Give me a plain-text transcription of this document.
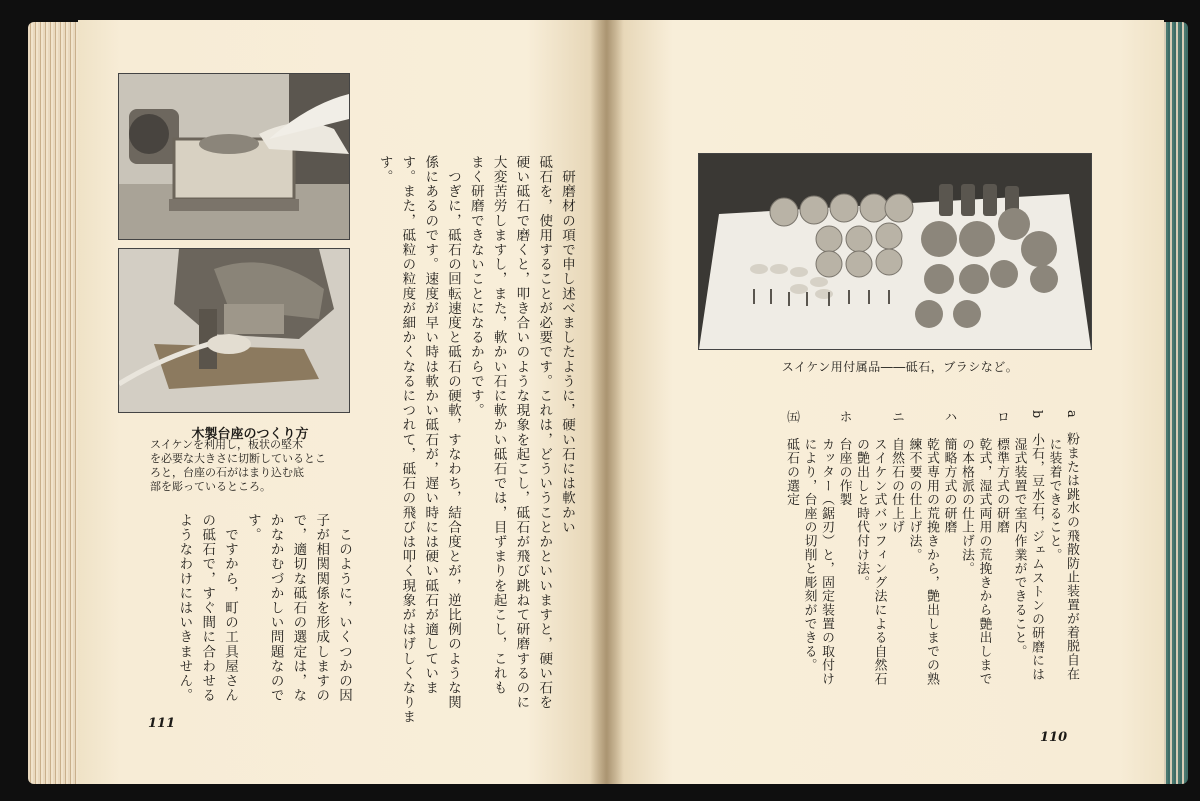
木製台座のつくり方
スイケンを利用し，板状の堅木
を必要な大きさに切断しているとこ
ろと，台座の石がはまり込む底
部を彫っているところ。	　研磨材の項で申し述べましたように，硬い石には軟かい
砥石を，使用することが必要です。これは，どういうことかといいますと，硬い石を
硬い砥石で磨くと，叩き合いのような現象を起こし，砥石が飛び跳ねて研磨するのに
大変苦労しますし，また，軟かい石に軟かい砥石では，目ずまりを起こし，これも
まく研磨できないことになるからです。
　つぎに，砥石の回転速度と砥石の硬軟，すなわち，結合度とが，逆比例のような関
係にあるのです。速度が早い時は軟かい砥石が，遅い時には硬い砥石が適していま
す。また，砥粒の粒度が細かくなるにつれて，砥石の飛びは叩く現象がはげしくなりま
す。
　このように，いくつかの因
子が相関関係を形成しますの
で，適切な砥石の選定は，な
かなかむづかしい問題なので
す。
　ですから，町の工具屋さん
の砥石で，すぐ間に合わせる
ようなわけにはいきません。
111
スイケン用付属品――砥石，ブラシなど。
a　粉または跳水の飛散防止装置が着脱自在
　　に装着できること。
b　小石，豆水石，ジェムストンの研磨には
　　湿式装置で室内作業ができること。
ロ　標準方式の研磨
　　乾式，湿式両用の荒挽きから艶出しまで
　　の本格派の仕上げ法。
ハ　簡略方式の研磨
　　乾式専用の荒挽きから，艶出しまでの熟
　　練不要の仕上げ法。
ニ　自然石の仕上げ
　　スイケン式バッフィング法による自然石
　　の艶出しと時代付け法。
ホ　台座の作製
　　カッター（鋸刃）と，固定装置の取付け
　　により，台座の切削と彫刻ができる。
㈤　砥石の選定
110
